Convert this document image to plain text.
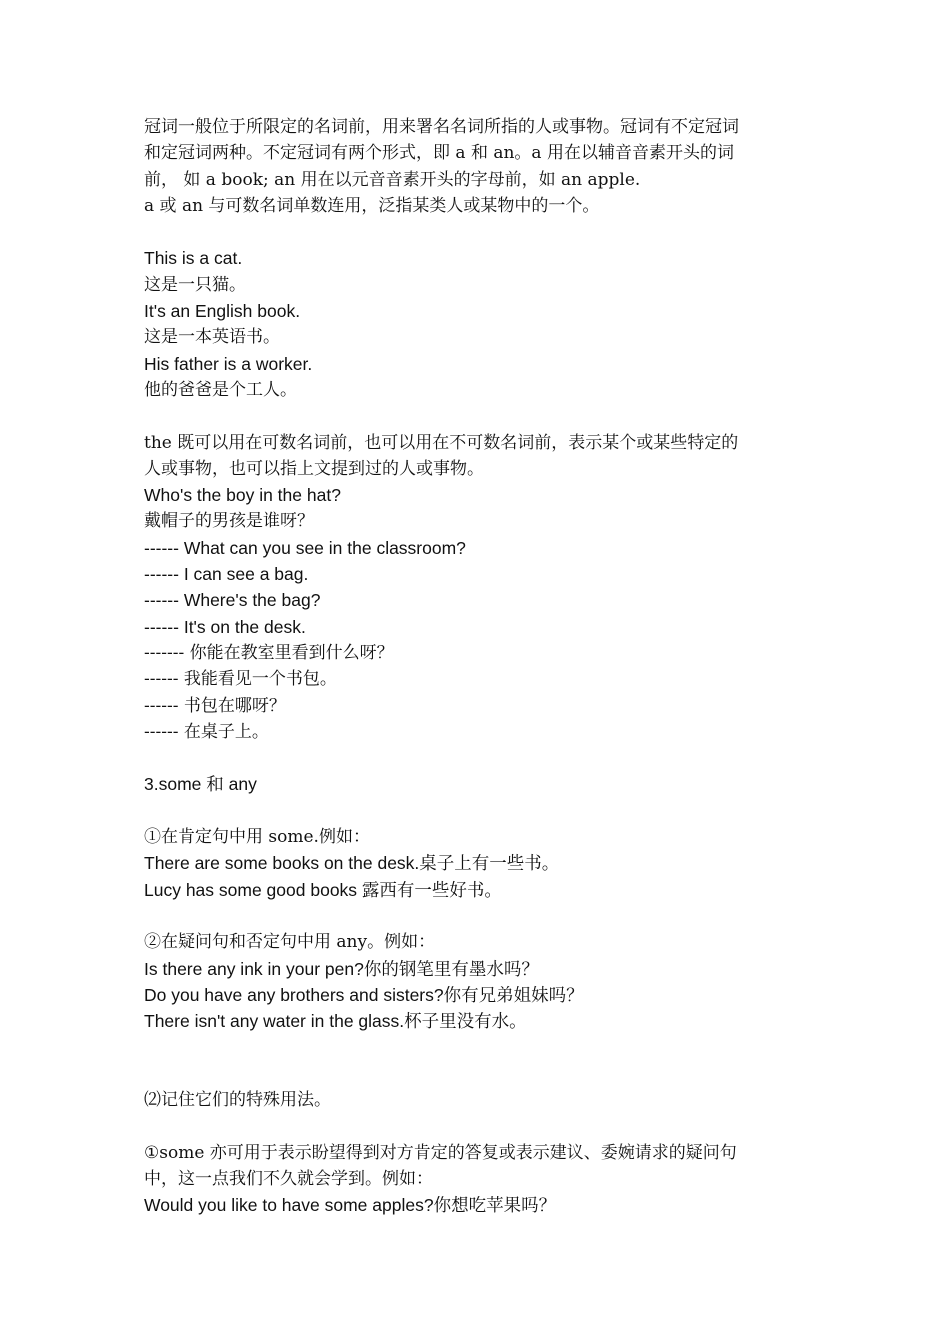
冠词一般位于所限定的名词前，用来署名名词所指的人或事物。冠词有不定冠词
和定冠词两种。不定冠词有两个形式，即 a 和 an。a 用在以辅音音素开头的词
前， 如 a book; an 用在以元音音素开头的字母前，如 an apple.
a 或 an 与可数名词单数连用，泛指某类人或某物中的一个。
This is a cat.
这是一只猫。
It's an English book.
这是一本英语书。
His father is a worker.
他的爸爸是个工人。
the 既可以用在可数名词前，也可以用在不可数名词前，表示某个或某些特定的
人或事物，也可以指上文提到过的人或事物。
Who's the boy in the hat?
戴帽子的男孩是谁呀？
------ What can you see in the classroom?
------ I can see a bag.
------ Where's the bag?
------ It's on the desk.
------- 你能在教室里看到什么呀？
------ 我能看见一个书包。
------ 书包在哪呀？
------ 在桌子上。
3.some 和 any
①在肯定句中用 some.例如：
There are some books on the desk.桌子上有一些书。
Lucy has some good books 露西有一些好书。
②在疑问句和否定句中用 any。例如：
Is there any ink in your pen?你的钢笔里有墨水吗？
Do you have any brothers and sisters?你有兄弟姐妹吗？
There isn't any water in the glass.杯子里没有水。
⑵记住它们的特殊用法。
①some 亦可用于表示盼望得到对方肯定的答复或表示建议、委婉请求的疑问句
中，这一点我们不久就会学到。例如：
Would you like to have some apples?你想吃苹果吗？
